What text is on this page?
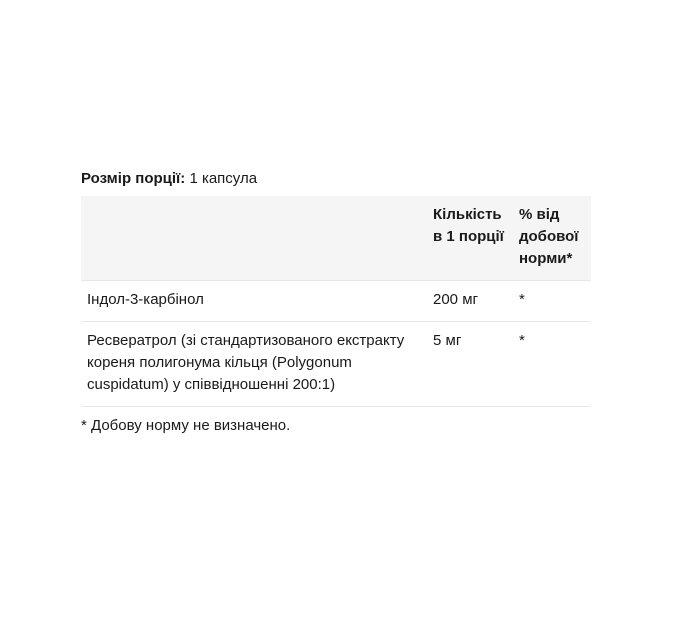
Розмір порції: 1 капсула
	Кількість в 1 порції	% від добової норми*
Індол-3-карбінол	200 мг	*
Ресвератрол (зі стандартизованого екстракту кореня полигонума кільця (Polygonum cuspidatum) у співвідношенні 200:1)	5 мг	*
* Добову норму не визначено.
